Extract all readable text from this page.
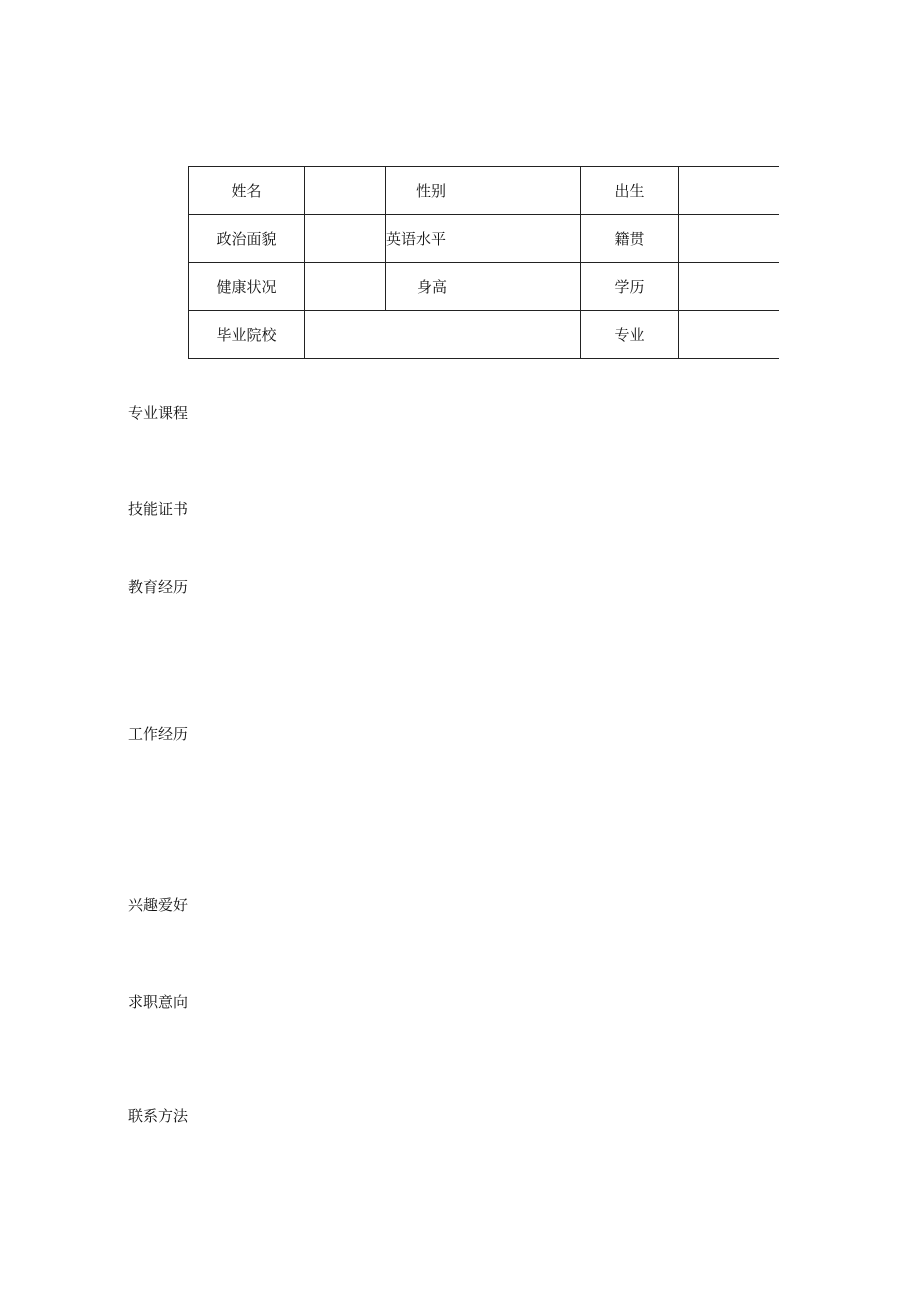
姓名		性别	出生	
政治面貌		英语水平	籍贯	
健康状况		身高	学历	
毕业院校			专业	
专业课程
技能证书
教育经历
工作经历
兴趣爱好
求职意向
联系方法
